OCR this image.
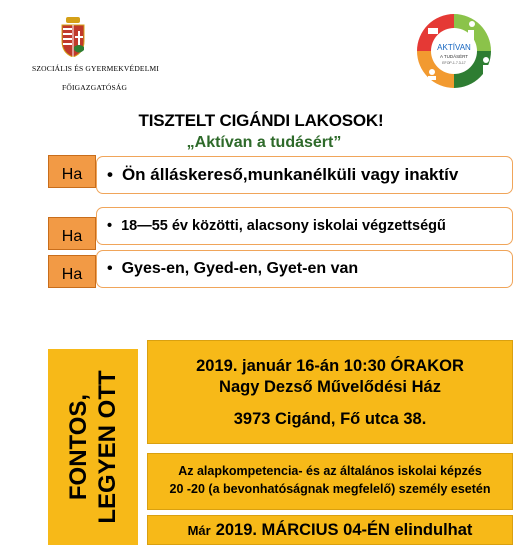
SZOCIÁLIS ÉS GYERMEKVÉDELMI
FŐIGAZGATÓSÁG
AKTÍVAN
A TUDÁSÉRT
EFOP-1.7.3-17
TISZTELT CIGÁNDI LAKOSOK!
„Aktívan a tudásért”
Ha	• Ön álláskereső,munkanélküli vagy inaktív
Ha
• 18—55 év közötti, alacsony iskolai végzettségű
Ha	• Gyes-en, Gyed-en, Gyet-en van
FONTOS, LEGYEN OTT
2019. január 16-án 10:30 ÓRAKOR
Nagy Dezső Művelődési Ház
3973 Cigánd, Fő utca 38.
Az alapkompetencia- és az általános iskolai képzés
20 -20 (a bevonhatóságnak megfelelő) személy esetén
Már 2019. MÁRCIUS 04-ÉN elindulhat
